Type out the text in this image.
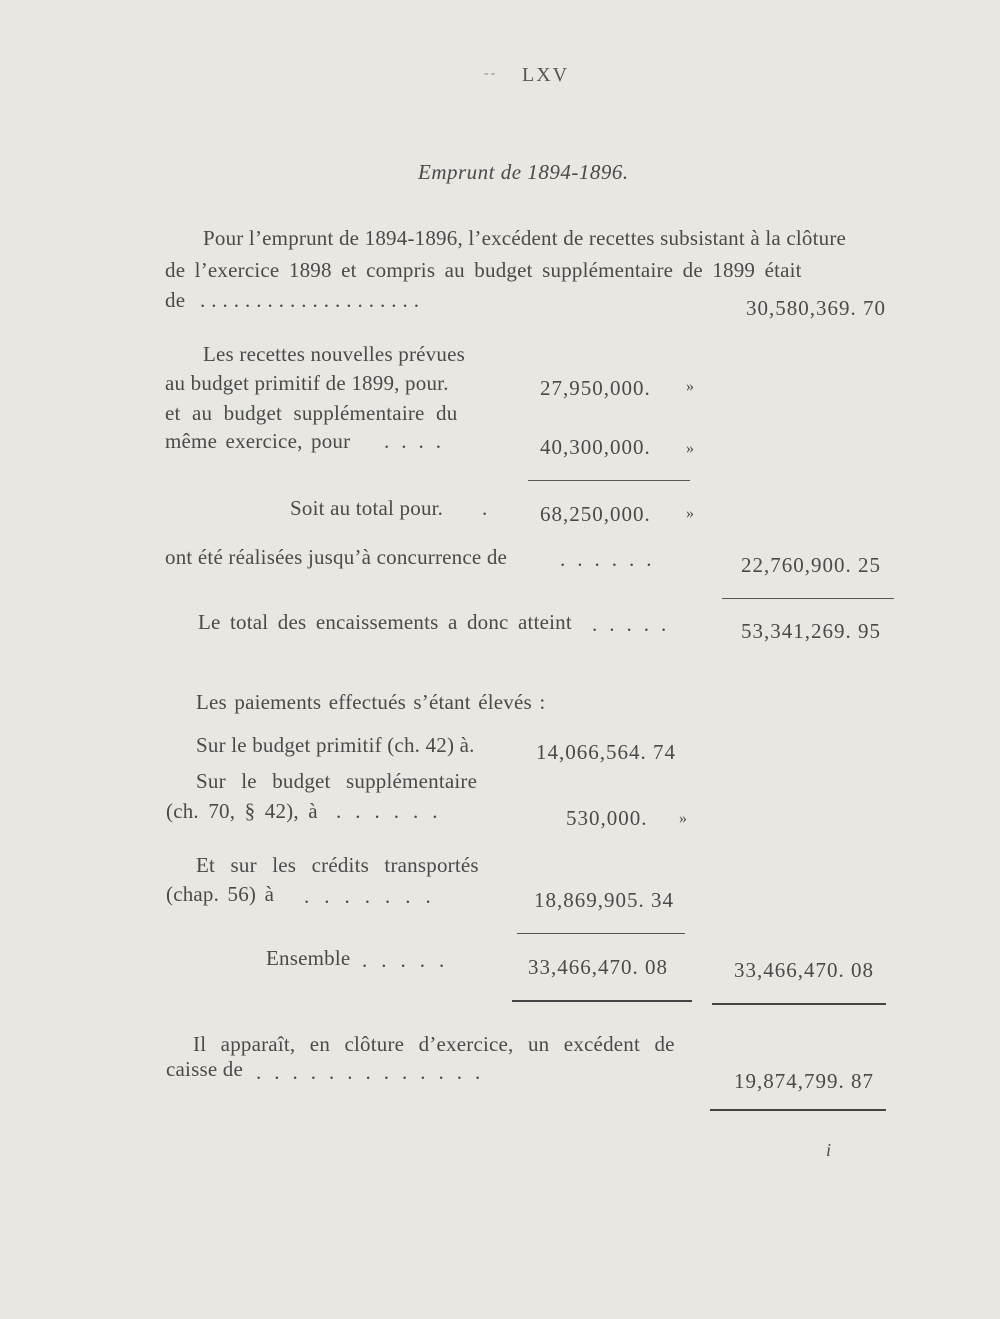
-- LXV
Emprunt de 1894-1896.
Pour l’emprunt de 1894-1896, l’excédent de recettes subsistant à la clôture
de l’exercice 1898 et compris au budget supplémentaire de 1899 était
de ....................	30,580,369. 70
Les recettes nouvelles prévues
au budget primitif de 1899, pour.	27,950,000. »
et au budget supplémentaire du
même exercice, pour ....	40,300,000. »
Soit au total pour. .	68,250,000. »
ont été réalisées jusqu’à concurrence de	......	22,760,900. 25
Le total des encaissements a donc atteint .....	53,341,269. 95
Les paiements effectués s’étant élevés :
Sur le budget primitif (ch. 42) à.	14,066,564. 74
Sur le budget supplémentaire
(ch. 70, § 42), à ......	530,000. »
Et sur les crédits transportés
(chap. 56) à .......	18,869,905. 34
Ensemble .....	33,466,470. 08	33,466,470. 08
Il apparaît, en clôture d’exercice, un excédent de
caisse de .............	19,874,799. 87
i
